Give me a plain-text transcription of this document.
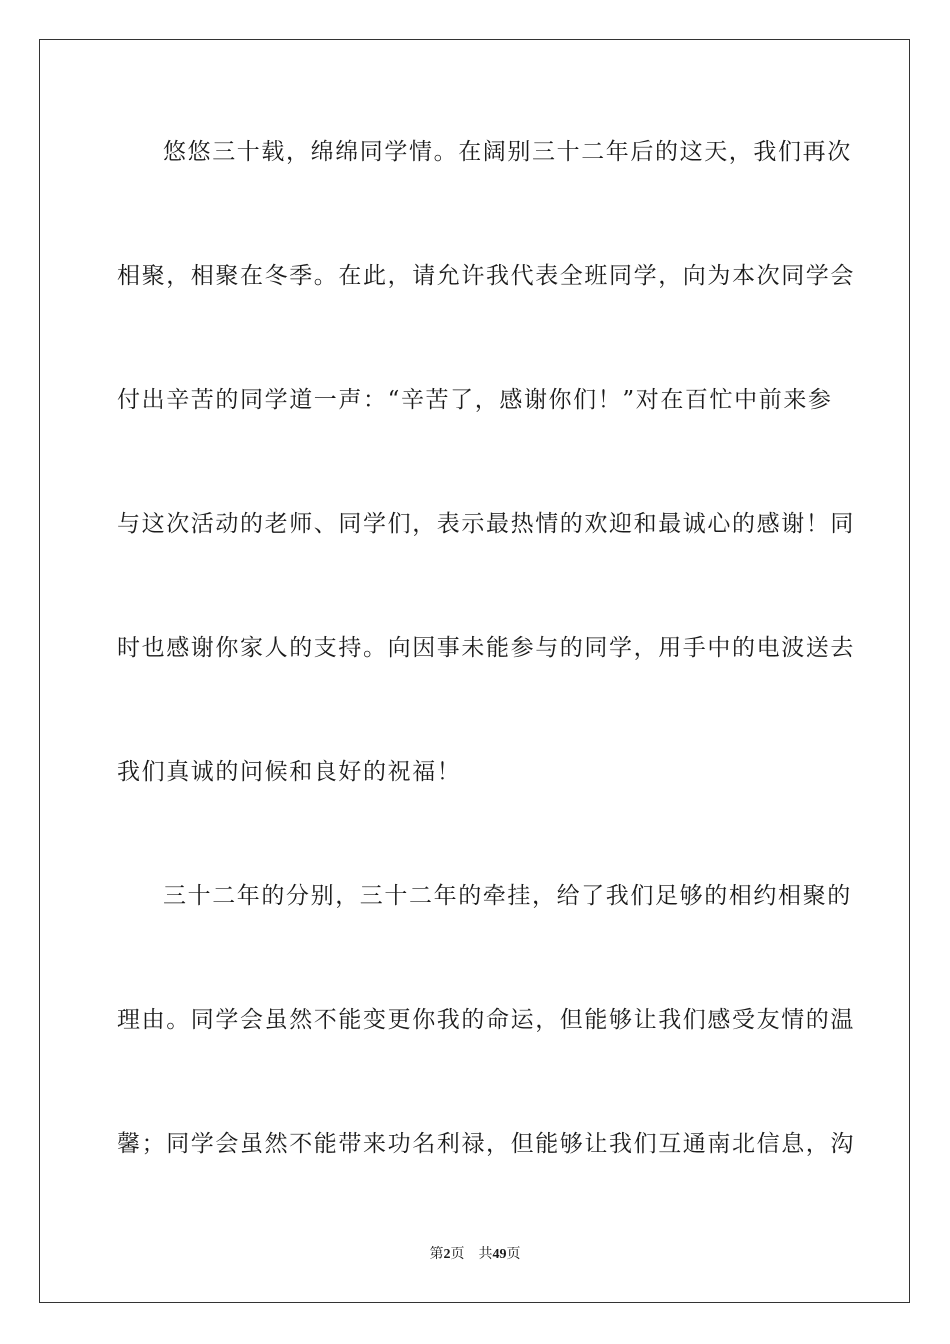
悠悠三十载，绵绵同学情。在阔别三十二年后的这天，我们再次
相聚，相聚在冬季。在此，请允许我代表全班同学，向为本次同学会
付出辛苦的同学道一声：“辛苦了，感谢你们！”对在百忙中前来参
与这次活动的老师、同学们，表示最热情的欢迎和最诚心的感谢！同
时也感谢你家人的支持。向因事未能参与的同学，用手中的电波送去
我们真诚的问候和良好的祝福！
三十二年的分别，三十二年的牵挂，给了我们足够的相约相聚的
理由。同学会虽然不能变更你我的命运，但能够让我们感受友情的温
馨；同学会虽然不能带来功名利禄，但能够让我们互通南北信息，沟
第2页 共49页
